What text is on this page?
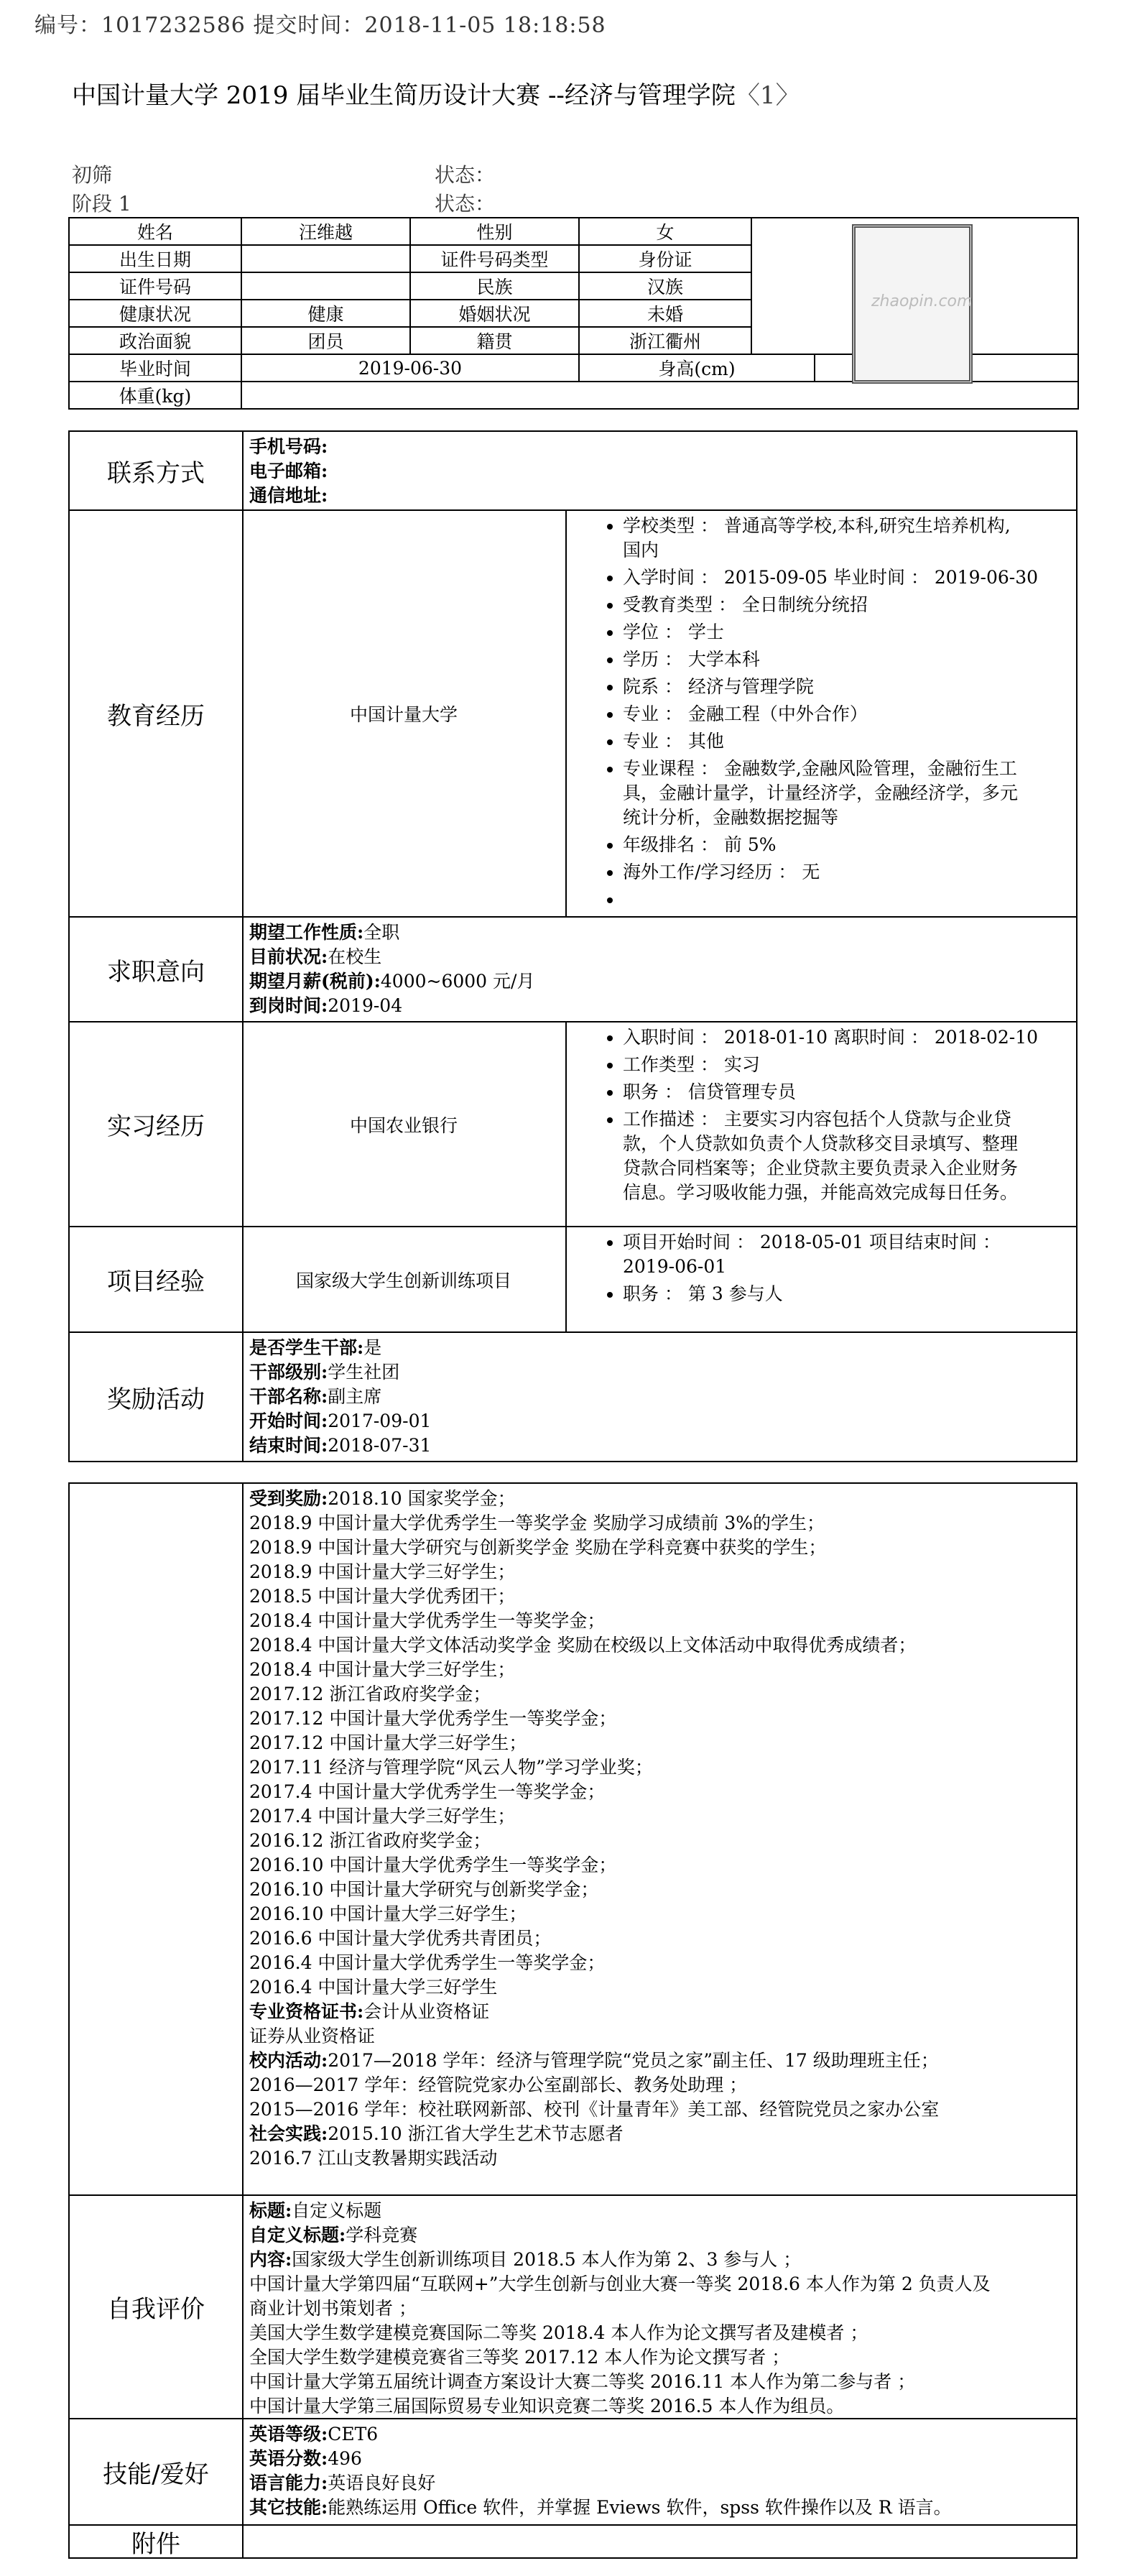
编号：1017232586 提交时间：2018-11-05 18:18:58
中国计量大学 2019 届毕业生简历设计大赛 --经济与管理学院〈1〉
初筛	状态：
阶段 1	状态：
姓名	汪维越	性别	女		
出生日期		证件号码类型	身份证		
证件号码		民族	汉族		
健康状况	健康	婚姻状况	未婚		
政治面貌	团员	籍贯	浙江衢州		
毕业时间	2019-06-30		身高(cm)		
体重(kg)					
zhaopin.com
联系方式
手机号码:
电子邮箱:
通信地址:
教育经历	中国计量大学
• 学校类型 ： 普通高等学校,本科,研究生培养机构,
国内
• 入学时间 ： 2015-09-05 毕业时间 ： 2019-06-30
• 受教育类型 ： 全日制统分统招
• 学位 ： 学士
• 学历 ： 大学本科
• 院系 ： 经济与管理学院
• 专业 ： 金融工程（中外合作）
• 专业 ： 其他
• 专业课程 ： 金融数学,金融风险管理，金融衍生工
具，金融计量学，计量经济学，金融经济学，多元
统计分析，金融数据挖掘等
• 年级排名 ： 前 5%
• 海外工作/学习经历 ： 无
•
求职意向
期望工作性质:全职
目前状况:在校生
期望月薪(税前):4000~6000 元/月
到岗时间:2019-04
实习经历	中国农业银行
• 入职时间 ： 2018-01-10 离职时间 ： 2018-02-10
• 工作类型 ： 实习
• 职务 ： 信贷管理专员
• 工作描述 ： 主要实习内容包括个人贷款与企业贷
款，个人贷款如负责个人贷款移交目录填写、整理
贷款合同档案等；企业贷款主要负责录入企业财务
信息。学习吸收能力强，并能高效完成每日任务。
项目经验	国家级大学生创新训练项目
• 项目开始时间 ： 2018-05-01 项目结束时间 ：
2019-06-01
• 职务 ： 第 3 参与人
奖励活动
是否学生干部:是
干部级别:学生社团
干部名称:副主席
开始时间:2017-09-01
结束时间:2018-07-31
受到奖励:2018.10 国家奖学金；
2018.9 中国计量大学优秀学生一等奖学金 奖励学习成绩前 3%的学生；
2018.9 中国计量大学研究与创新奖学金 奖励在学科竞赛中获奖的学生；
2018.9 中国计量大学三好学生；
2018.5 中国计量大学优秀团干；
2018.4 中国计量大学优秀学生一等奖学金；
2018.4 中国计量大学文体活动奖学金 奖励在校级以上文体活动中取得优秀成绩者；
2018.4 中国计量大学三好学生；
2017.12 浙江省政府奖学金；
2017.12 中国计量大学优秀学生一等奖学金；
2017.12 中国计量大学三好学生；
2017.11 经济与管理学院“风云人物”学习学业奖；
2017.4 中国计量大学优秀学生一等奖学金；
2017.4 中国计量大学三好学生；
2016.12 浙江省政府奖学金；
2016.10 中国计量大学优秀学生一等奖学金；
2016.10 中国计量大学研究与创新奖学金；
2016.10 中国计量大学三好学生；
2016.6 中国计量大学优秀共青团员；
2016.4 中国计量大学优秀学生一等奖学金；
2016.4 中国计量大学三好学生
专业资格证书:会计从业资格证
证券从业资格证
校内活动:2017—2018 学年：经济与管理学院“党员之家”副主任、17 级助理班主任；
2016—2017 学年：经管院党家办公室副部长、教务处助理 ；
2015—2016 学年：校社联网新部、校刊《计量青年》美工部、经管院党员之家办公室
社会实践:2015.10 浙江省大学生艺术节志愿者
2016.7 江山支教暑期实践活动
自我评价
标题:自定义标题
自定义标题:学科竞赛
内容:国家级大学生创新训练项目 2018.5 本人作为第 2、3 参与人 ；
中国计量大学第四届“互联网+”大学生创新与创业大赛一等奖 2018.6 本人作为第 2 负责人及
商业计划书策划者 ；
美国大学生数学建模竞赛国际二等奖 2018.4 本人作为论文撰写者及建模者 ；
全国大学生数学建模竞赛省三等奖 2017.12 本人作为论文撰写者 ；
中国计量大学第五届统计调查方案设计大赛二等奖 2016.11 本人作为第二参与者 ；
中国计量大学第三届国际贸易专业知识竞赛二等奖 2016.5 本人作为组员。
技能/爱好
英语等级:CET6
英语分数:496
语言能力:英语良好良好
其它技能:能熟练运用 Office 软件，并掌握 Eviews 软件，spss 软件操作以及 R 语言。
附件
